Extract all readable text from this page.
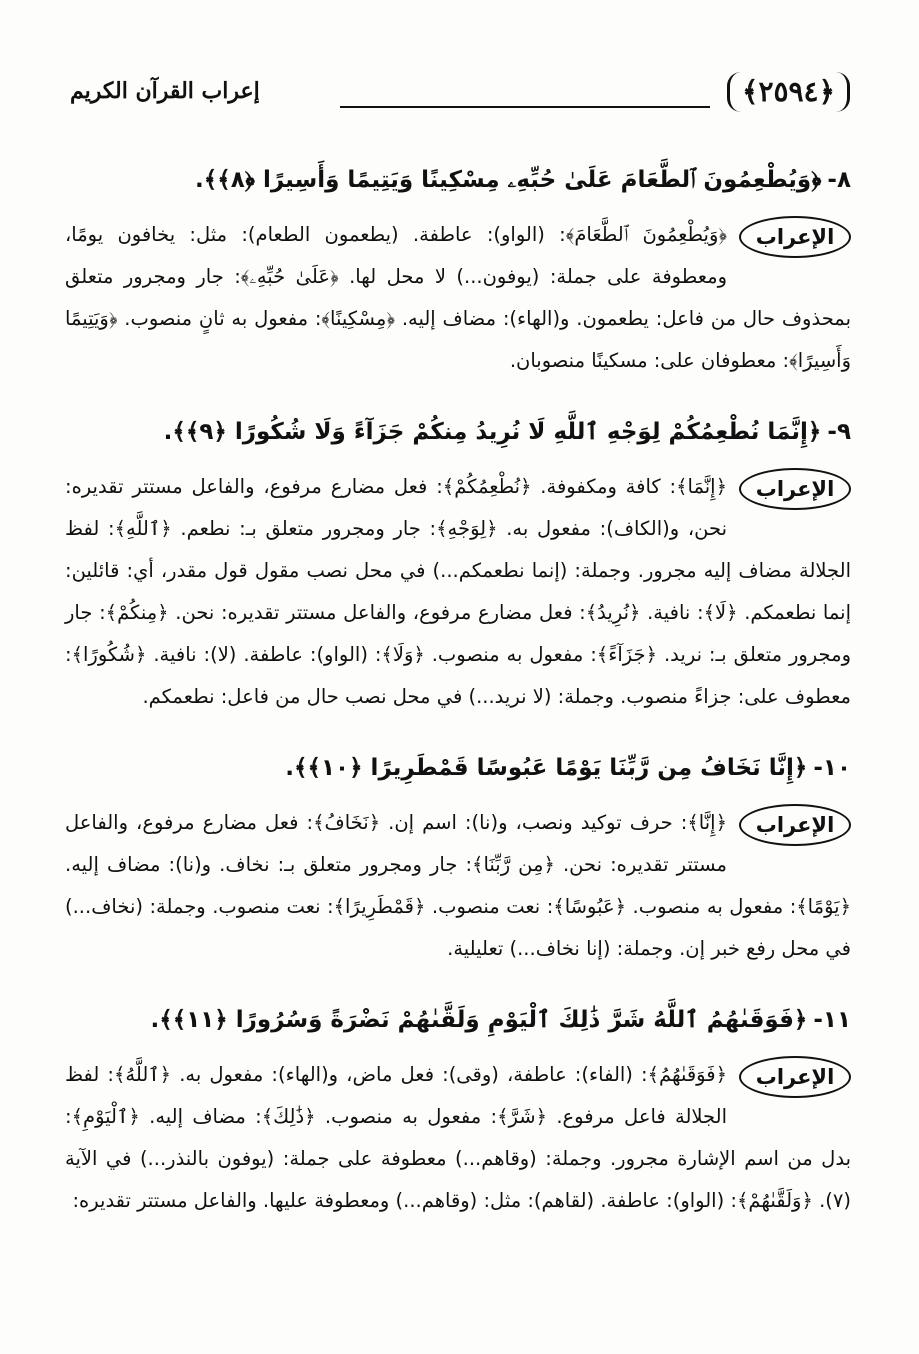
﴿٢٥٩٤﴾
إعراب القرآن الكريم
٨-﴿وَيُطْعِمُونَ ٱلطَّعَامَ عَلَىٰ حُبِّهِۦ مِسْكِينًا وَيَتِيمًا وَأَسِيرًا ﴿٨﴾﴾.
الإعراب
﴿وَيُطْعِمُونَ ٱلطَّعَامَ﴾: (الواو): عاطفة. (يطعمون الطعام): مثل: يخافون يومًا، ومعطوفة على جملة: (يوفون...) لا محل لها. ﴿عَلَىٰ حُبِّهِۦ﴾: جار ومجرور متعلق بمحذوف حال من فاعل: يطعمون. و(الهاء): مضاف إليه. ﴿مِسْكِينًا﴾: مفعول به ثانٍ منصوب. ﴿وَيَتِيمًا وَأَسِيرًا﴾: معطوفان على: مسكينًا منصوبان.
٩-﴿إِنَّمَا نُطْعِمُكُمْ لِوَجْهِ ٱللَّهِ لَا نُرِيدُ مِنكُمْ جَزَآءً وَلَا شُكُورًا ﴿٩﴾﴾.
الإعراب
﴿إِنَّمَا﴾: كافة ومكفوفة. ﴿نُطْعِمُكُمْ﴾: فعل مضارع مرفوع، والفاعل مستتر تقديره: نحن، و(الكاف): مفعول به. ﴿لِوَجْهِ﴾: جار ومجرور متعلق بـ: نطعم. ﴿ٱللَّهِ﴾: لفظ الجلالة مضاف إليه مجرور. وجملة: (إنما نطعمكم...) في محل نصب مقول قول مقدر، أي: قائلين: إنما نطعمكم. ﴿لَا﴾: نافية. ﴿نُرِيدُ﴾: فعل مضارع مرفوع، والفاعل مستتر تقديره: نحن. ﴿مِنكُمْ﴾: جار ومجرور متعلق بـ: نريد. ﴿جَزَآءً﴾: مفعول به منصوب. ﴿وَلَا﴾: (الواو): عاطفة. (لا): نافية. ﴿شُكُورًا﴾: معطوف على: جزاءً منصوب. وجملة: (لا نريد...) في محل نصب حال من فاعل: نطعمكم.
١٠-﴿إِنَّا نَخَافُ مِن رَّبِّنَا يَوْمًا عَبُوسًا قَمْطَرِيرًا ﴿١٠﴾﴾.
الإعراب
﴿إِنَّا﴾: حرف توكيد ونصب، و(نا): اسم إن. ﴿نَخَافُ﴾: فعل مضارع مرفوع، والفاعل مستتر تقديره: نحن. ﴿مِن رَّبِّنَا﴾: جار ومجرور متعلق بـ: نخاف. و(نا): مضاف إليه. ﴿يَوْمًا﴾: مفعول به منصوب. ﴿عَبُوسًا﴾: نعت منصوب. ﴿قَمْطَرِيرًا﴾: نعت منصوب. وجملة: (نخاف...) في محل رفع خبر إن. وجملة: (إنا نخاف...) تعليلية.
١١-﴿فَوَقَىٰهُمُ ٱللَّهُ شَرَّ ذَٰلِكَ ٱلْيَوْمِ وَلَقَّىٰهُمْ نَضْرَةً وَسُرُورًا ﴿١١﴾﴾.
الإعراب
﴿فَوَقَىٰهُمُ﴾: (الفاء): عاطفة، (وقى): فعل ماض، و(الهاء): مفعول به. ﴿ٱللَّهُ﴾: لفظ الجلالة فاعل مرفوع. ﴿شَرَّ﴾: مفعول به منصوب. ﴿ذَٰلِكَ﴾: مضاف إليه. ﴿ٱلْيَوْمِ﴾: بدل من اسم الإشارة مجرور. وجملة: (وقاهم...) معطوفة على جملة: (يوفون بالنذر...) في الآية (٧). ﴿وَلَقَّىٰهُمْ﴾: (الواو): عاطفة. (لقاهم): مثل: (وقاهم...) ومعطوفة عليها. والفاعل مستتر تقديره:
